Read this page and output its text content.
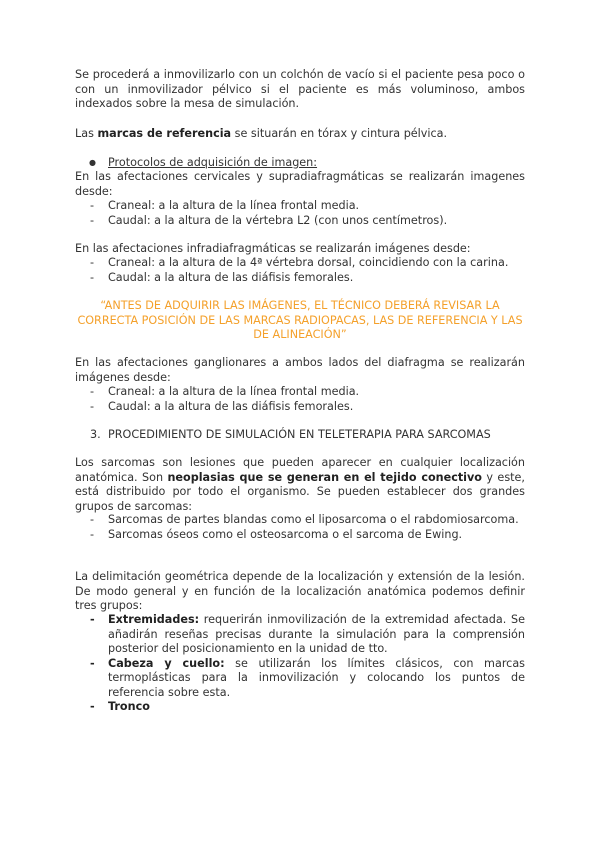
Se procederá a inmovilizarlo con un colchón de vacío si el paciente pesa poco o con un inmovilizador pélvico si el paciente es más voluminoso, ambos indexados sobre la mesa de simulación.

Las marcas de referencia se situarán en tórax y cintura pélvica.

●	Protocolos de adquisición de imagen:

En las afectaciones cervicales y supradiafragmáticas se realizarán imagenes desde:

- Craneal: a la altura de la línea frontal media.
- Caudal: a la altura de la vértebra L2 (con unos centímetros).

En las afectaciones infradiafragmáticas se realizarán imágenes desde:

- Craneal: a la altura de la 4ª vértebra dorsal, coincidiendo con la carina.
- Caudal: a la altura de las diáfisis femorales.

“ANTES DE ADQUIRIR LAS IMÁGENES, EL TÉCNICO DEBERÁ REVISAR LA CORRECTA POSICIÓN DE LAS MARCAS RADIOPACAS, LAS DE REFERENCIA Y LAS DE ALINEACIÓN”

En las afectaciones ganglionares a ambos lados del diafragma se realizarán imágenes desde:

- Craneal: a la altura de la línea frontal media.
- Caudal: a la altura de las diáfisis femorales.
3. PROCEDIMIENTO DE SIMULACIÓN EN TELETERAPIA PARA SARCOMAS

Los sarcomas son lesiones que pueden aparecer en cualquier localización anatómica. Son neoplasias que se generan en el tejido conectivo y este, está distribuido por todo el organismo. Se pueden establecer dos grandes grupos de sarcomas:

- Sarcomas de partes blandas como el liposarcoma o el rabdomiosarcoma.
- Sarcomas óseos como el osteosarcoma o el sarcoma de Ewing.

La delimitación geométrica depende de la localización y extensión de la lesión. De modo general y en función de la localización anatómica podemos definir tres grupos:

- Extremidades: requerirán inmovilización de la extremidad afectada. Se añadirán reseñas precisas durante la simulación para la comprensión posterior del posicionamiento en la unidad de tto.
- Cabeza y cuello: se utilizarán los límites clásicos, con marcas termoplásticas para la inmovilización y colocando los puntos de referencia sobre esta.
- Tronco
